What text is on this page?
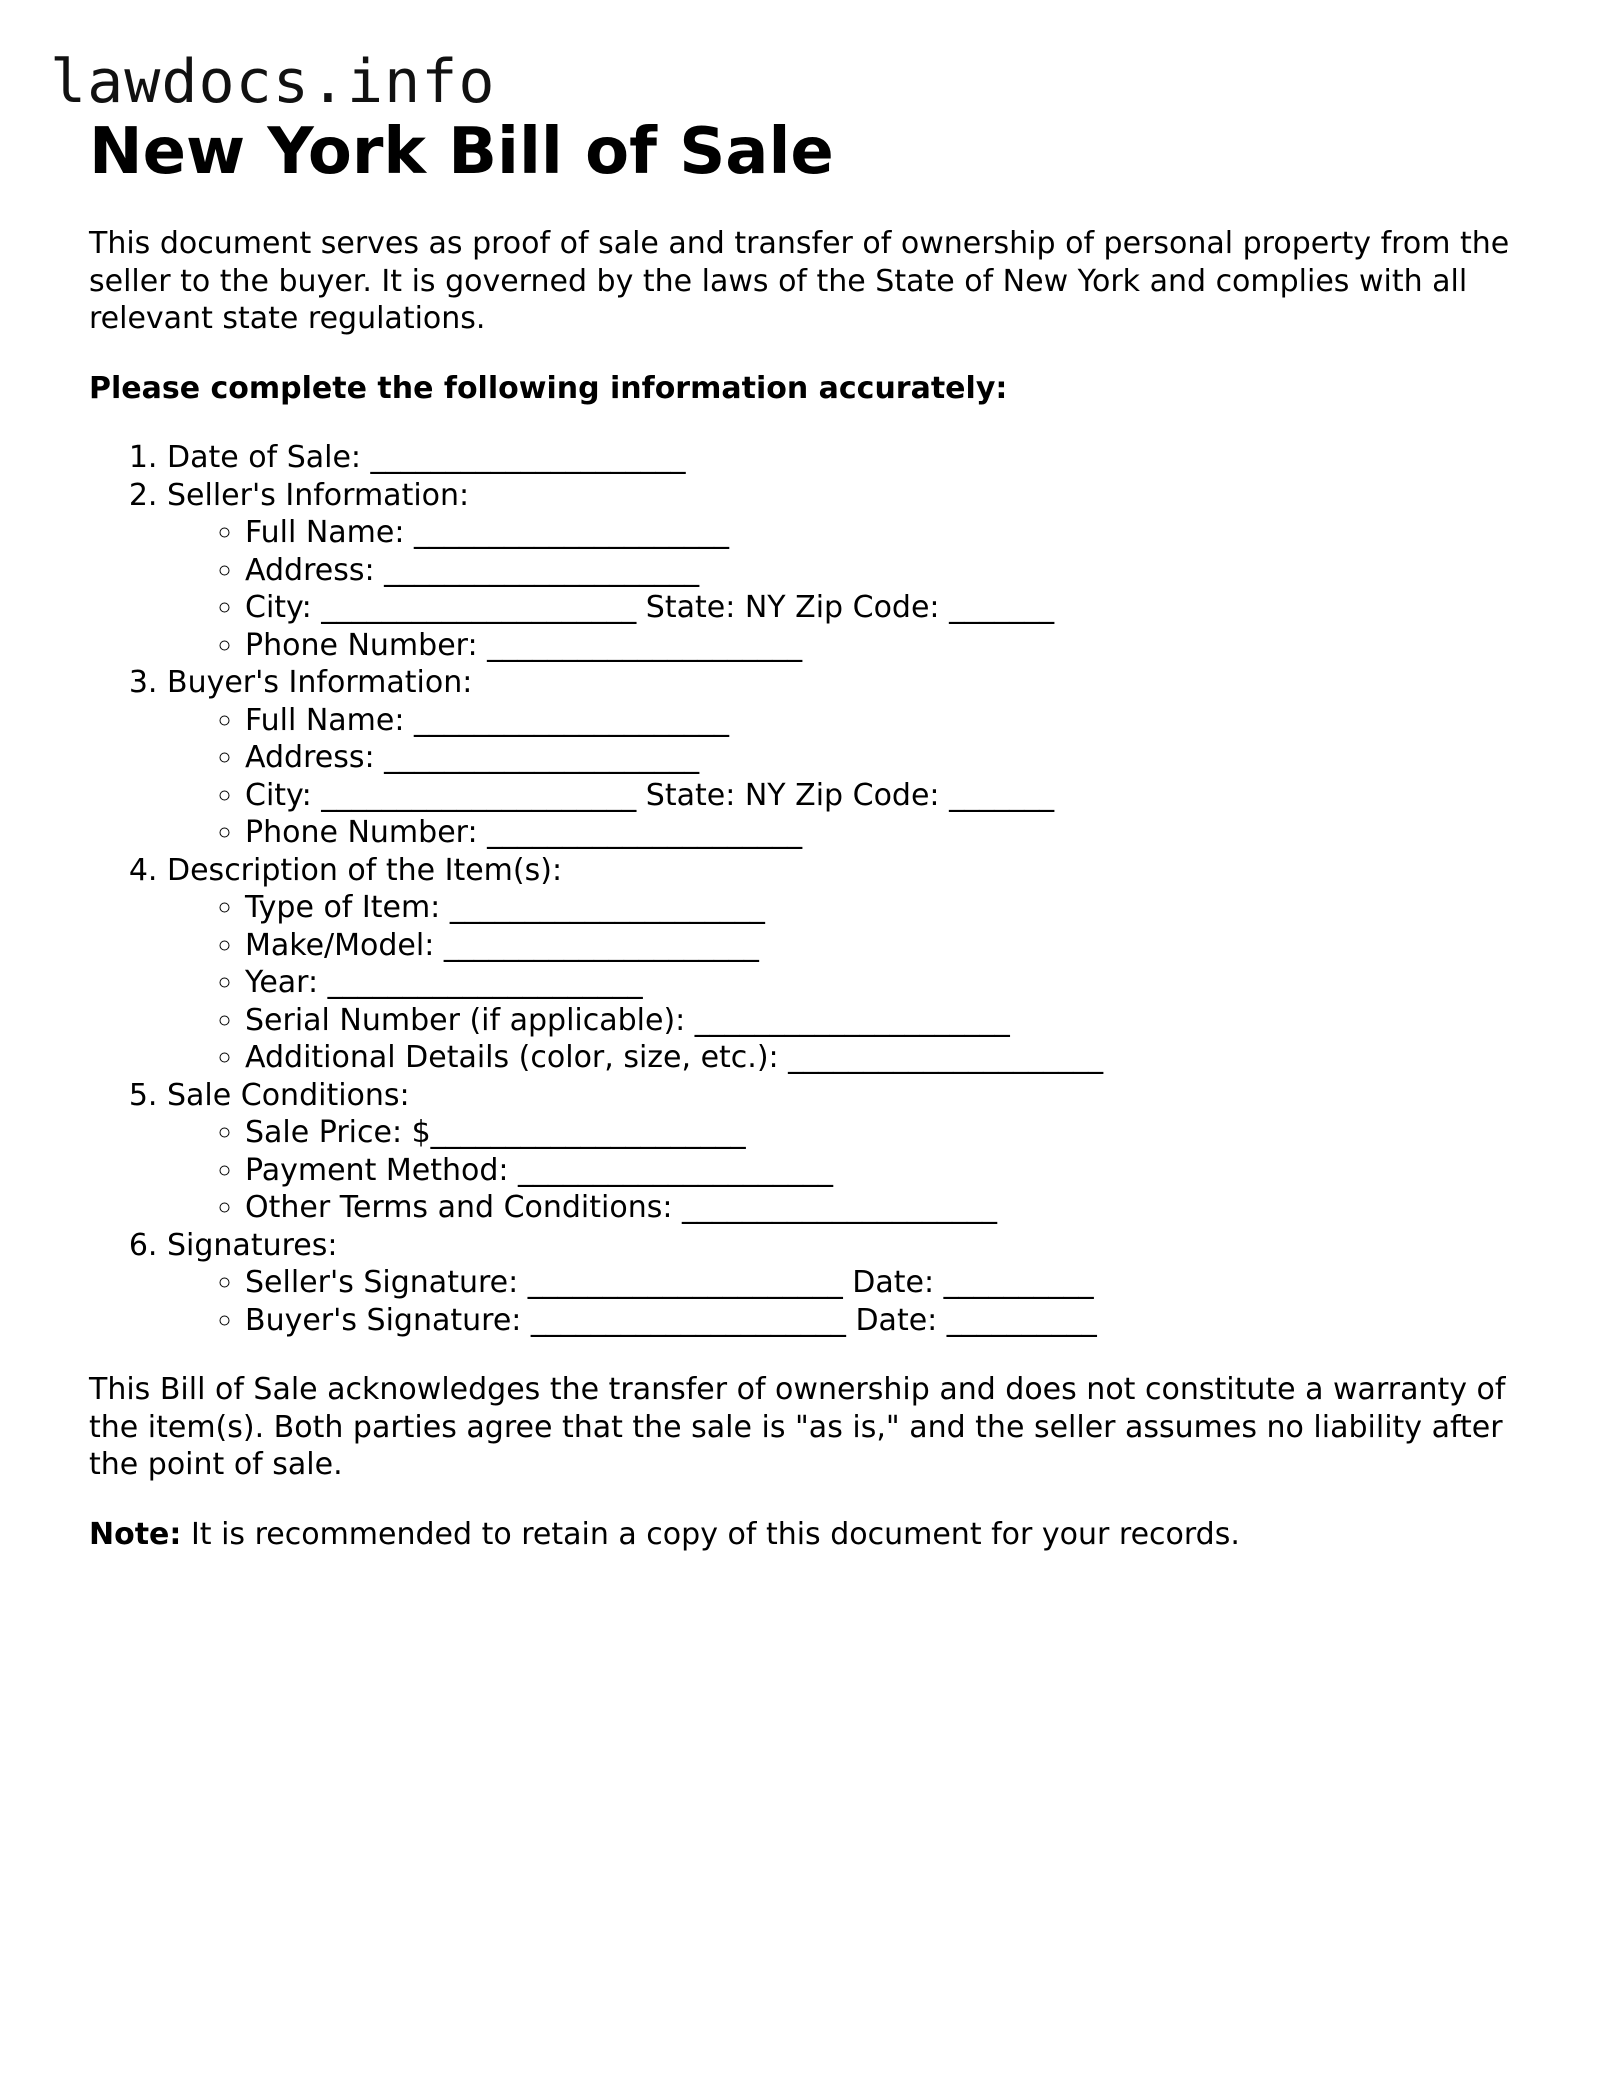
lawdocs.info
New York Bill of Sale

This document serves as proof of sale and transfer of ownership of personal property from the seller to the buyer. It is governed by the laws of the State of New York and complies with all relevant state regulations.

Please complete the following information accurately:

1. Date of Sale: _____________________
2. Seller's Information:
◦ Full Name: _____________________
◦ Address: _____________________
◦ City: _____________________ State: NY Zip Code: _______
◦ Phone Number: _____________________
3. Buyer's Information:
◦ Full Name: _____________________
◦ Address: _____________________
◦ City: _____________________ State: NY Zip Code: _______
◦ Phone Number: _____________________
4. Description of the Item(s):
◦ Type of Item: _____________________
◦ Make/Model: _____________________
◦ Year: _____________________
◦ Serial Number (if applicable): _____________________
◦ Additional Details (color, size, etc.): _____________________
5. Sale Conditions:
◦ Sale Price: $_____________________
◦ Payment Method: _____________________
◦ Other Terms and Conditions: _____________________
6. Signatures:
◦ Seller's Signature: _____________________ Date: __________
◦ Buyer's Signature: _____________________ Date: __________

This Bill of Sale acknowledges the transfer of ownership and does not constitute a warranty of the item(s). Both parties agree that the sale is "as is," and the seller assumes no liability after the point of sale.

Note: It is recommended to retain a copy of this document for your records.
